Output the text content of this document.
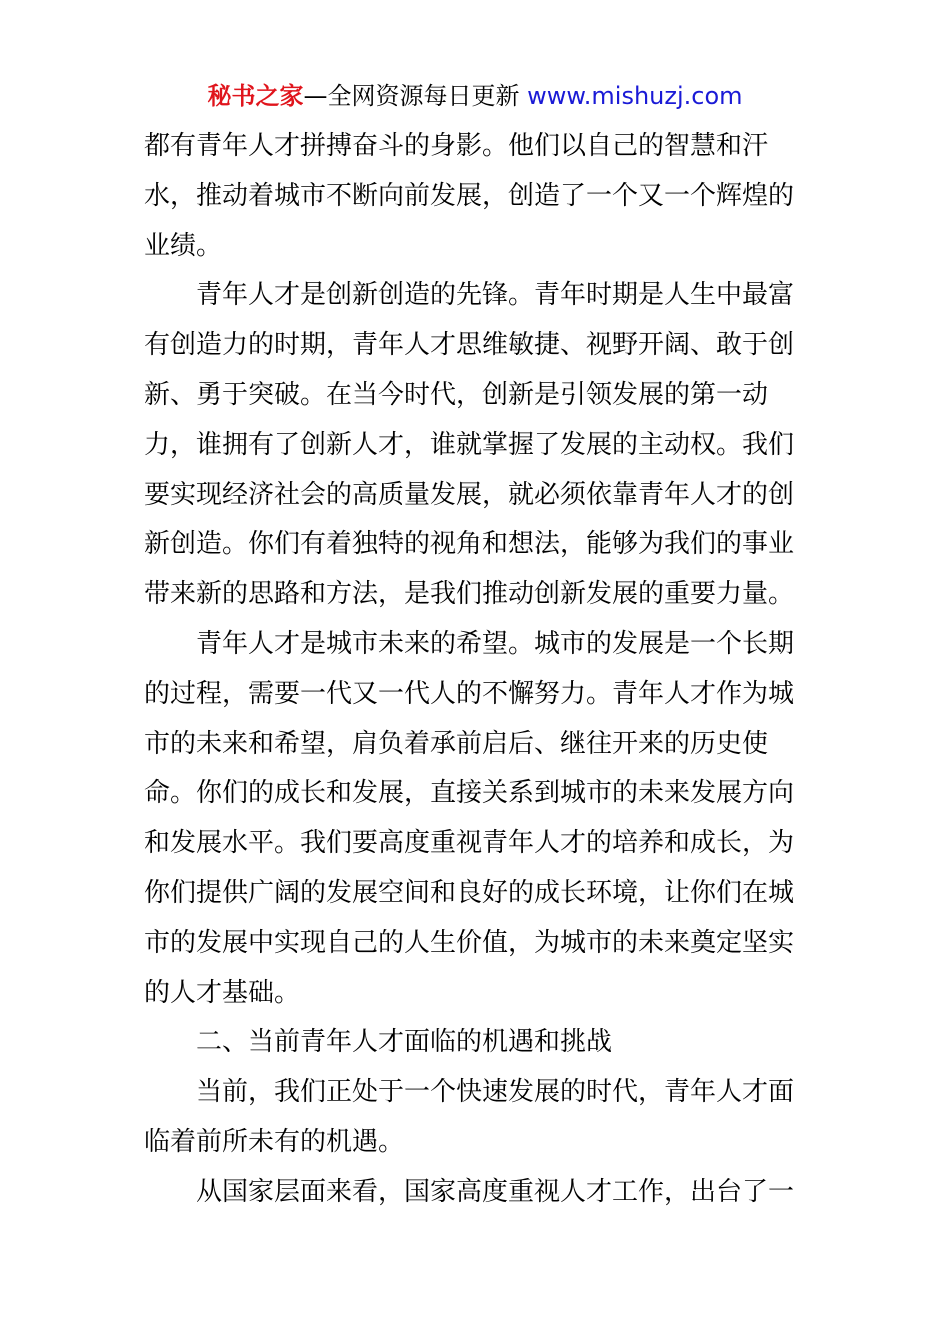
秘书之家—全网资源每日更新 www.mishuzj.com
都有青年人才拼搏奋斗的身影。他们以自己的智慧和汗
水，推动着城市不断向前发展，创造了一个又一个辉煌的
业绩。
青年人才是创新创造的先锋。青年时期是人生中最富
有创造力的时期，青年人才思维敏捷、视野开阔、敢于创
新、勇于突破。在当今时代，创新是引领发展的第一动
力，谁拥有了创新人才，谁就掌握了发展的主动权。我们
要实现经济社会的高质量发展，就必须依靠青年人才的创
新创造。你们有着独特的视角和想法，能够为我们的事业
带来新的思路和方法，是我们推动创新发展的重要力量。
青年人才是城市未来的希望。城市的发展是一个长期
的过程，需要一代又一代人的不懈努力。青年人才作为城
市的未来和希望，肩负着承前启后、继往开来的历史使
命。你们的成长和发展，直接关系到城市的未来发展方向
和发展水平。我们要高度重视青年人才的培养和成长，为
你们提供广阔的发展空间和良好的成长环境，让你们在城
市的发展中实现自己的人生价值，为城市的未来奠定坚实
的人才基础。
二、当前青年人才面临的机遇和挑战
当前，我们正处于一个快速发展的时代，青年人才面
临着前所未有的机遇。
从国家层面来看，国家高度重视人才工作，出台了一
